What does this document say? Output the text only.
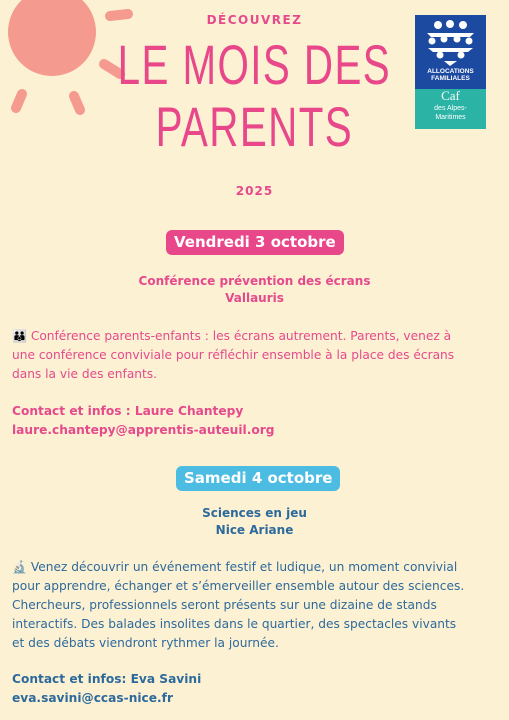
DÉCOUVREZ
LE MOIS DES
PARENTS
2025
ALLOCATIONS
FAMILIALES
Caf
des Alpes-
Maritimes
Vendredi 3 octobre
Conférence prévention des écrans
Vallauris
👪 Conférence parents-enfants : les écrans autrement. Parents, venez à
une conférence conviviale pour réfléchir ensemble à la place des écrans
dans la vie des enfants.
Contact et infos : Laure Chantepy
laure.chantepy@apprentis-auteuil.org
Samedi 4 octobre
Sciences en jeu
Nice Ariane
🔬 Venez découvrir un événement festif et ludique, un moment convivial
pour apprendre, échanger et s’émerveiller ensemble autour des sciences.
Chercheurs, professionnels seront présents sur une dizaine de stands
interactifs. Des balades insolites dans le quartier, des spectacles vivants
et des débats viendront rythmer la journée.
Contact et infos: Eva Savini
eva.savini@ccas-nice.fr
